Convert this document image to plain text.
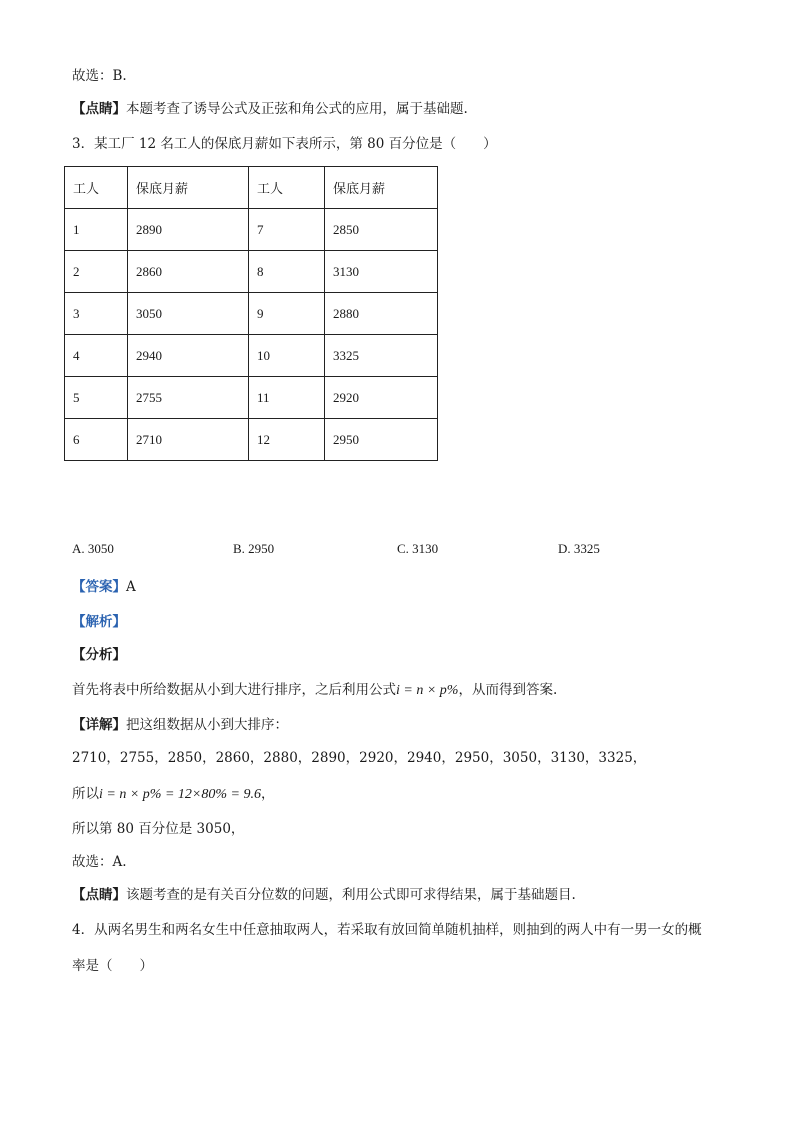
故选：B.
【点睛】本题考查了诱导公式及正弦和角公式的应用，属于基础题.
3．某工厂 12 名工人的保底月薪如下表所示，第 80 百分位是（　　）
工人	保底月薪	工人	保底月薪
1	2890	7	2850
2	2860	8	3130
3	3050	9	2880
4	2940	10	3325
5	2755	11	2920
6	2710	12	2950
A. 3050	B. 2950	C. 3130	D. 3325
【答案】A
【解析】
【分析】
首先将表中所给数据从小到大进行排序，之后利用公式i = n × p%，从而得到答案.
【详解】把这组数据从小到大排序：
2710，2755，2850，2860，2880，2890，2920，2940，2950，3050，3130，3325，
所以i = n × p% = 12×80% = 9.6，
所以第 80 百分位是 3050，
故选：A.
【点睛】该题考查的是有关百分位数的问题，利用公式即可求得结果，属于基础题目.
4．从两名男生和两名女生中任意抽取两人，若采取有放回简单随机抽样，则抽到的两人中有一男一女的概
率是（　　）
